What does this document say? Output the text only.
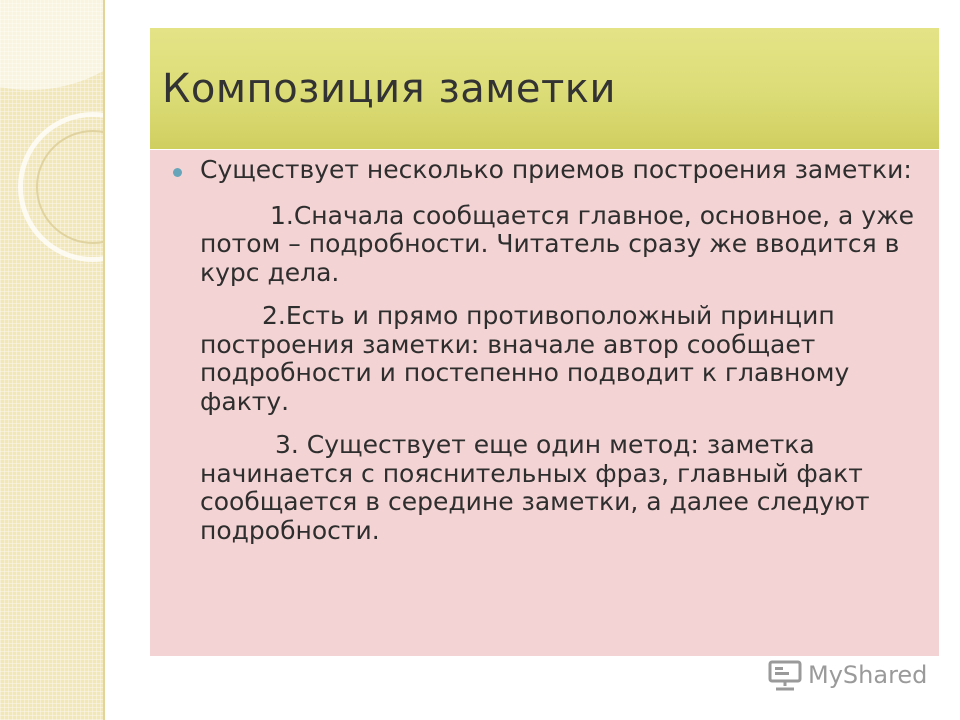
Композиция заметки

Существует несколько приемов построения заметки:

1.Сначала сообщается главное, основное, а уже потом – подробности. Читатель сразу же вводится в курс дела.

2.Есть и прямо противоположный принцип построения заметки: вначале автор сообщает подробности и постепенно подводит к главному факту.

3. Существует еще один метод: заметка начинается с пояснительных фраз, главный факт сообщается в середине заметки, а далее следуют подробности.

MyShared
